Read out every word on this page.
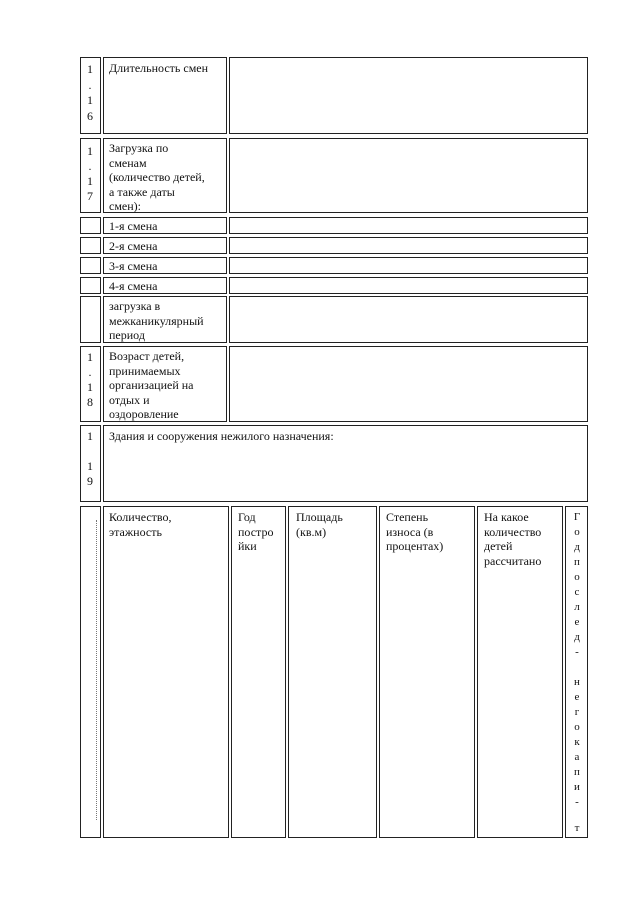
1
.
1
6
Длительность смен
1
.
1
7
Загрузка по
сменам
(количество детей,
а также даты
смен):
1-я смена
2-я смена
3-я смена
4-я смена
загрузка в
межканикулярный
период
1
.
1
8
Возраст детей,
принимаемых
организацией на
отдых и
оздоровление
1
1
9
Здания и сооружения нежилого назначения:
Количество,
этажность
Год
постро
йки
Площадь
(кв.м)
Степень
износа (в
процентах)
На какое
количество
детей
рассчитано
Г
о
д
п
о
с
л
е
д
-
н
е
г
о
к
а
п
и
-
т
